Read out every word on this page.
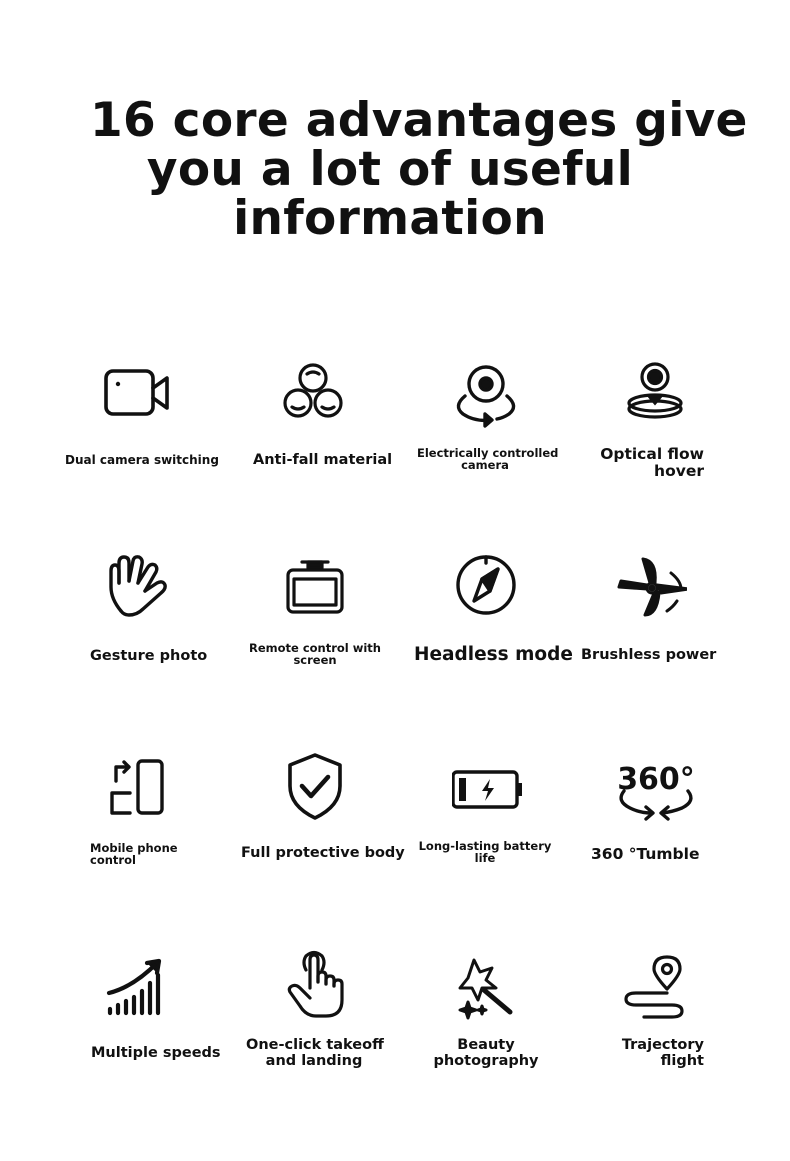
16 core advantages give
you a lot of useful
information
Dual camera switching Anti-fall material Electrically controlled
camera
Optical flow
hover
Gesture photo	Remote control with
screen	Headless mode Brushless power
Mobile phone
control	Full protective body Long-lasting battery
life
360°
360 °Tumble
Multiple speeds One-click takeoff
and landing
Beauty
photography
Trajectory
flight
